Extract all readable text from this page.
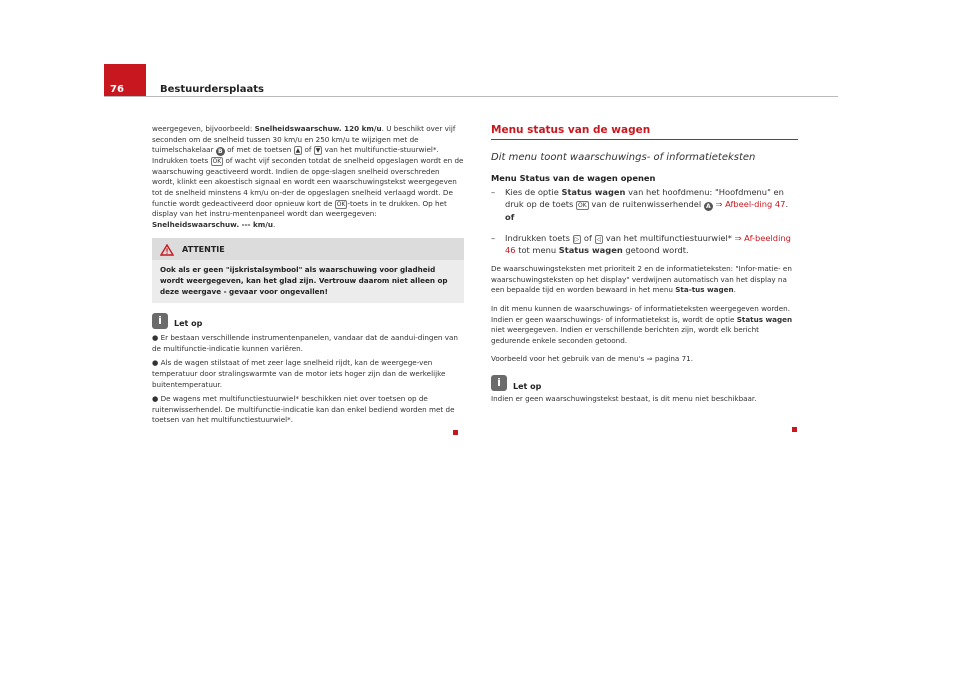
76	Bestuurdersplaats

weergegeven, bijvoorbeeld: Snelheidswaarschuw. 120 km/u. U beschikt over vijf seconden om de snelheid tussen 30 km/u en 250 km/u te wijzigen met de tuimelschakelaar B of met de toetsen ▲ of ▼ van het multifunctie-stuurwiel*. Indrukken toets OK of wacht vijf seconden totdat de snelheid opgeslagen wordt en de waarschuwing geactiveerd wordt. Indien de opge-slagen snelheid overschreden wordt, klinkt een akoestisch signaal en wordt een waarschuwingstekst weergegeven tot de snelheid minstens 4 km/u on-der de opgeslagen snelheid verlaagd wordt. De functie wordt gedeactiveerd door opnieuw kort de OK -toets in te drukken. Op het display van het instru-mentenpaneel wordt dan weergegeven: Snelheidswaarschuw. --- km/u.

ATTENTIE
Ook als er geen "ijskristalsymbool" als waarschuwing voor gladheid wordt weergegeven, kan het glad zijn. Vertrouw daarom niet alleen op deze weergave - gevaar voor ongevallen!
i	Let op

● Er bestaan verschillende instrumentenpanelen, vandaar dat de aandui-dingen van de multifunctie-indicatie kunnen variëren.

● Als de wagen stilstaat of met zeer lage snelheid rijdt, kan de weergege-ven temperatuur door stralingswarmte van de motor iets hoger zijn dan de werkelijke buitentemperatuur.

● De wagens met multifunctiestuurwiel* beschikken niet over toetsen op de ruitenwisserhendel. De multifunctie-indicatie kan dan enkel bediend worden met de toetsen van het multifunctiestuurwiel*.

Menu status van de wagen
Dit menu toont waarschuwings- of informatieteksten
Menu Status van de wagen openen
– Kies de optie Status wagen van het hoofdmenu: "Hoofdmenu" en druk op de toets OK van de ruitenwisserhendel A ⇒ Afbeel-ding 47. of
– Indrukken toets ▷ of ◁ van het multifunctiestuurwiel* ⇒ Af-beelding 46 tot menu Status wagen getoond wordt.

De waarschuwingsteksten met prioriteit 2 en de informatieteksten: "Infor-matie- en waarschuwingsteksten op het display" verdwijnen automatisch van het display na een bepaalde tijd en worden bewaard in het menu Sta-tus wagen.

In dit menu kunnen de waarschuwings- of informatieteksten weergegeven worden. Indien er geen waarschuwings- of informatietekst is, wordt de optie Status wagen niet weergegeven. Indien er verschillende berichten zijn, wordt elk bericht gedurende enkele seconden getoond.

Voorbeeld voor het gebruik van de menu's ⇒ pagina 71.

i	Let op

Indien er geen waarschuwingstekst bestaat, is dit menu niet beschikbaar.
